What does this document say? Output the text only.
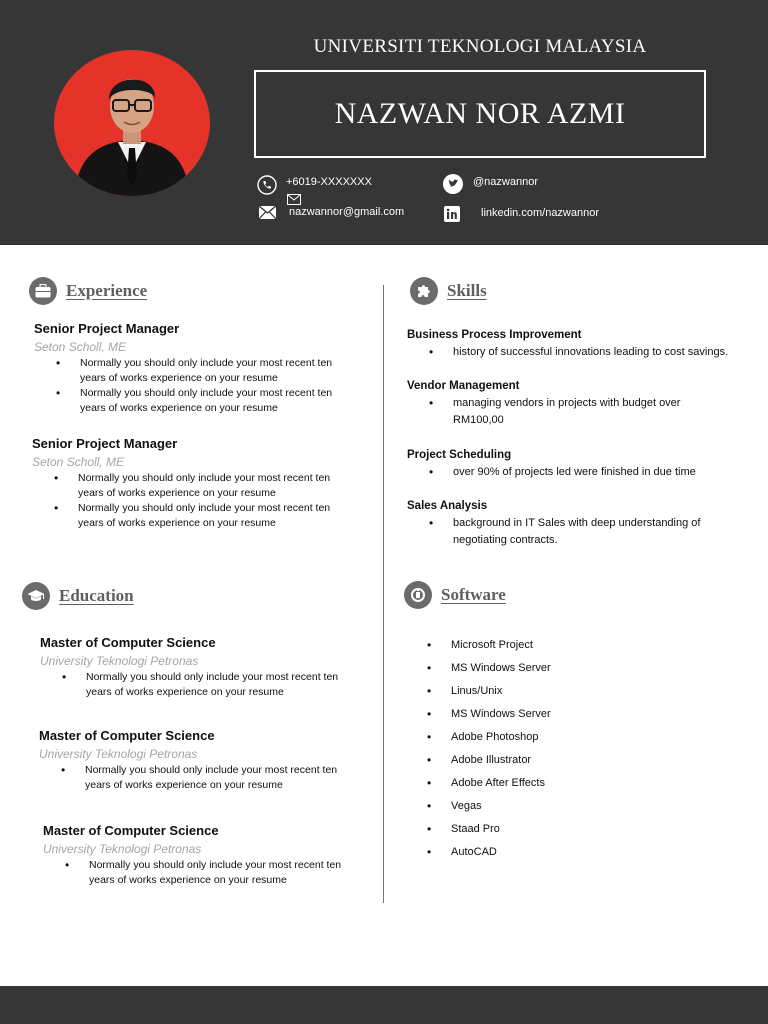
UNIVERSITI TEKNOLOGI MALAYSIA
NAZWAN NOR AZMI
+6019-XXXXXXX
nazwannor@gmail.com
@nazwannor
linkedin.com/nazwannor
Experience
Senior Project Manager
Seton Scholl, ME
• Normally you should only include your most recent ten years of works experience on your resume
• Normally you should only include your most recent ten years of works experience on your resume
Senior Project Manager
Seton Scholl, ME
• Normally you should only include your most recent ten years of works experience on your resume
• Normally you should only include your most recent ten years of works experience on your resume
Education
Master of Computer Science
University Teknologi Petronas
• Normally you should only include your most recent ten years of works experience on your resume
Master of Computer Science
University Teknologi Petronas
• Normally you should only include your most recent ten years of works experience on your resume
Master of Computer Science
University Teknologi Petronas
• Normally you should only include your most recent ten years of works experience on your resume
Skills
Business Process Improvement
• history of successful innovations leading to cost savings.
Vendor Management
• managing vendors in projects with budget over RM100,00
Project Scheduling
• over 90% of projects led were finished in due time
Sales Analysis
• background in IT Sales with deep understanding of negotiating contracts.
Software
• Microsoft Project
• MS Windows Server
• Linus/Unix
• MS Windows Server
• Adobe Photoshop
• Adobe Illustrator
• Adobe After Effects
• Vegas
• Staad Pro
• AutoCAD
